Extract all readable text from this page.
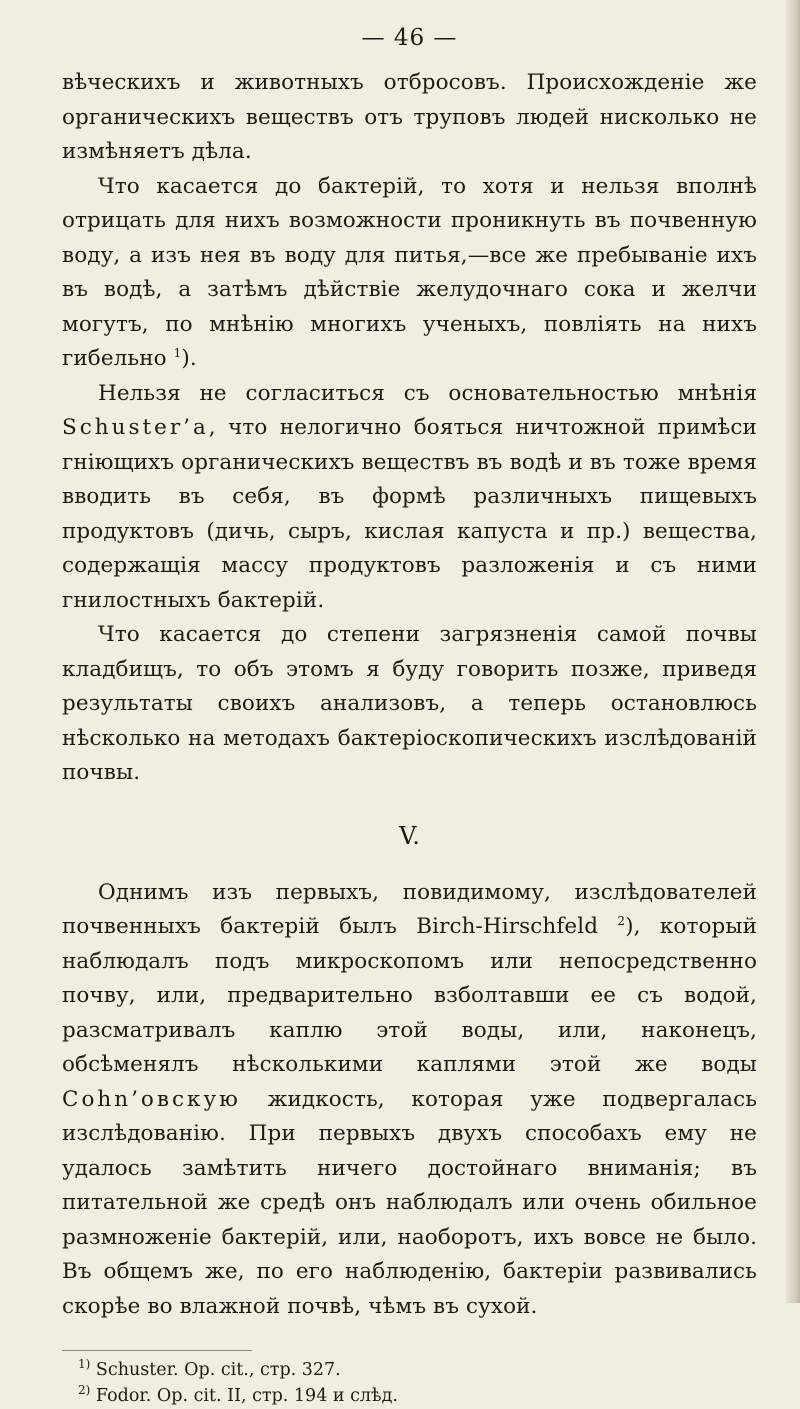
— 46 —

вѣческихъ и животныхъ отбросовъ. Происхожденіе же органическихъ веществъ отъ труповъ людей нисколько не измѣняетъ дѣла.

Что касается до бактерій, то хотя и нельзя вполнѣ отрицать для нихъ возможности проникнуть въ почвенную воду, а изъ нея въ воду для питья,—все же пребываніе ихъ въ водѣ, а затѣмъ дѣйствіе желудочнаго сока и желчи могутъ, по мнѣнію многихъ ученыхъ, повліять на нихъ гибельно $^1$).

Нельзя не согласиться съ основательностью мнѣнія Schuster’a, что нелогично бояться ничтожной примѣси гніющихъ органическихъ веществъ въ водѣ и въ тоже время вводить въ себя, въ формѣ различныхъ пищевыхъ продуктовъ (дичь, сыръ, кислая капуста и пр.) вещества, содержащія массу продуктовъ разложенія и съ ними гнилостныхъ бактерій.

Что касается до степени загрязненія самой почвы кладбищъ, то объ этомъ я буду говорить позже, приведя результаты своихъ анализовъ, а теперь остановлюсь нѣсколько на методахъ бактеріоскопическихъ изслѣдованій почвы.

V.

Однимъ изъ первыхъ, повидимому, изслѣдователей почвенныхъ бактерій былъ Birch-Hirschfeld $^2$), который наблюдалъ подъ микроскопомъ или непосредственно почву, или, предварительно взболтавши ее съ водой, разсматривалъ каплю этой воды, или, наконецъ, обсѣменялъ нѣсколькими каплями этой же воды Cohn’овскую жидкость, которая уже подвергалась изслѣдованію. При первыхъ двухъ способахъ ему не удалось замѣтить ничего достойнаго вниманія; въ питательной же средѣ онъ наблюдалъ или очень обильное размноженіе бактерій, или, наоборотъ, ихъ вовсе не было. Въ общемъ же, по его наблюденію, бактеріи развивались скорѣе во влажной почвѣ, чѣмъ въ сухой.

$^{1)}$ Schuster. Op. cit., стр. 327.

$^{2)}$ Fodor. Op. cit. II, стр. 194 и слѣд.
